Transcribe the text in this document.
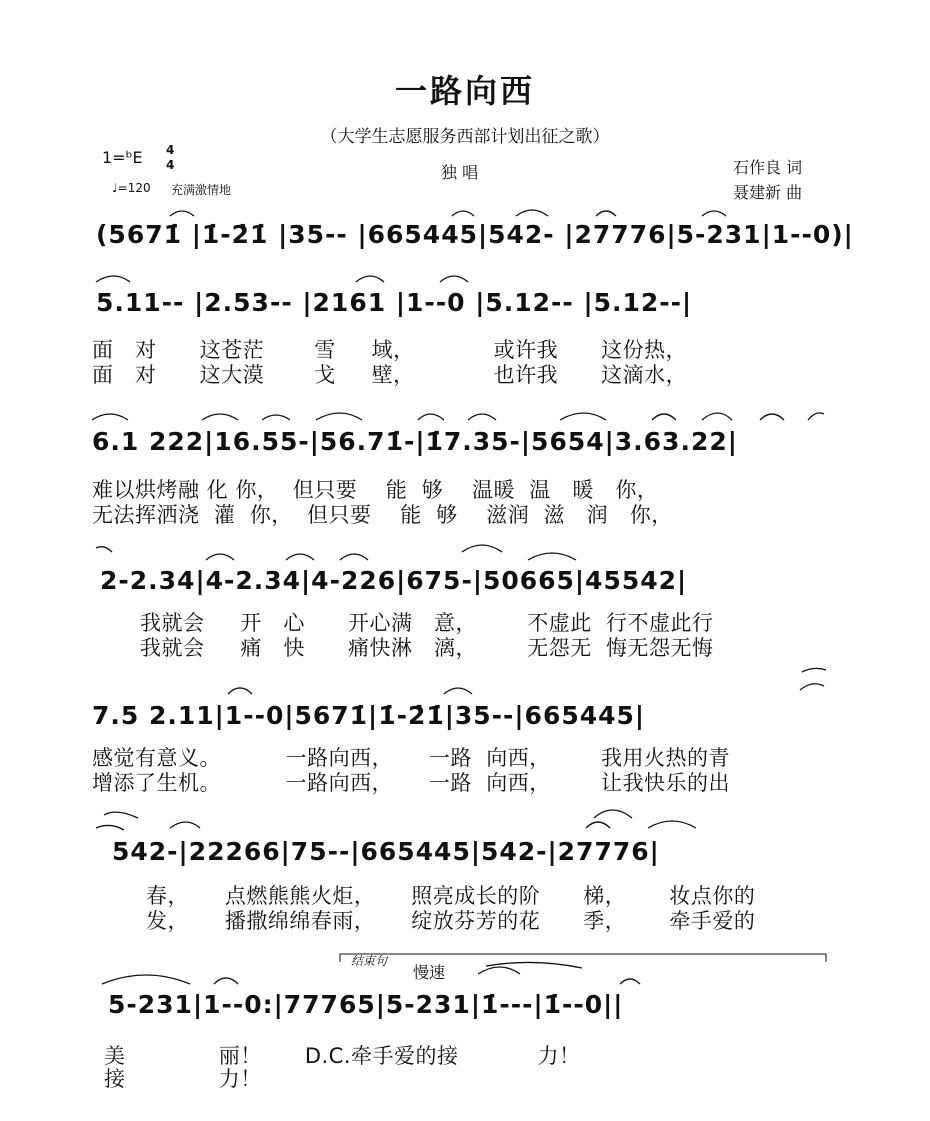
一路向西
（大学生志愿服务西部计划出征之歌）
1=ᵇE 4
4
♩=120 充满激情地
独 唱	石作良 词
聂建新 曲
(5671̇ |1̇-2̇1̇ |35-- |665445|542- |27776|5-231|1--0)|
5.11-- |2.53-- |2161 |1--0 |5.12-- |5.12--|
面   对      这苍茫       雪     域，           或许我      这份热，
面   对      这大漠       戈     壁，           也许我      这滴水，
6.1 222|16.55-|56.71̇-|1̇7.35-|5654|3.63.22|
难以烘烤融 化 你，  但只要    能  够    温暖  温   暖   你，
无法挥洒浇  灌  你，  但只要    能  够    滋润  滋   润   你，
2-2.34|4-2.34|4-226|675-|50665|45542|
我就会     开   心      开心满   意，       不虚此  行不虚此行
我就会     痛   快      痛快淋   漓，       无怨无  悔无怨无悔
7.5 2.11|1--0|5671̇|1̇-2̇1̇|35--|665445|
感觉有意义。         一路向西，     一路  向西，       我用火热的青
增添了生机。         一路向西，     一路  向西，       让我快乐的出
542-|22266|75--|665445|542-|27776|
春，     点燃熊熊火炬，     照亮成长的阶      梯，      妆点你的
发，     播撒绵绵春雨，     绽放芬芳的花      季，      牵手爱的
结束句
慢速
5-231|1--0:|77765|5-231|1̇---|1̇--0||
美             丽！      D.C.牵手爱的接           力！
接             力！
